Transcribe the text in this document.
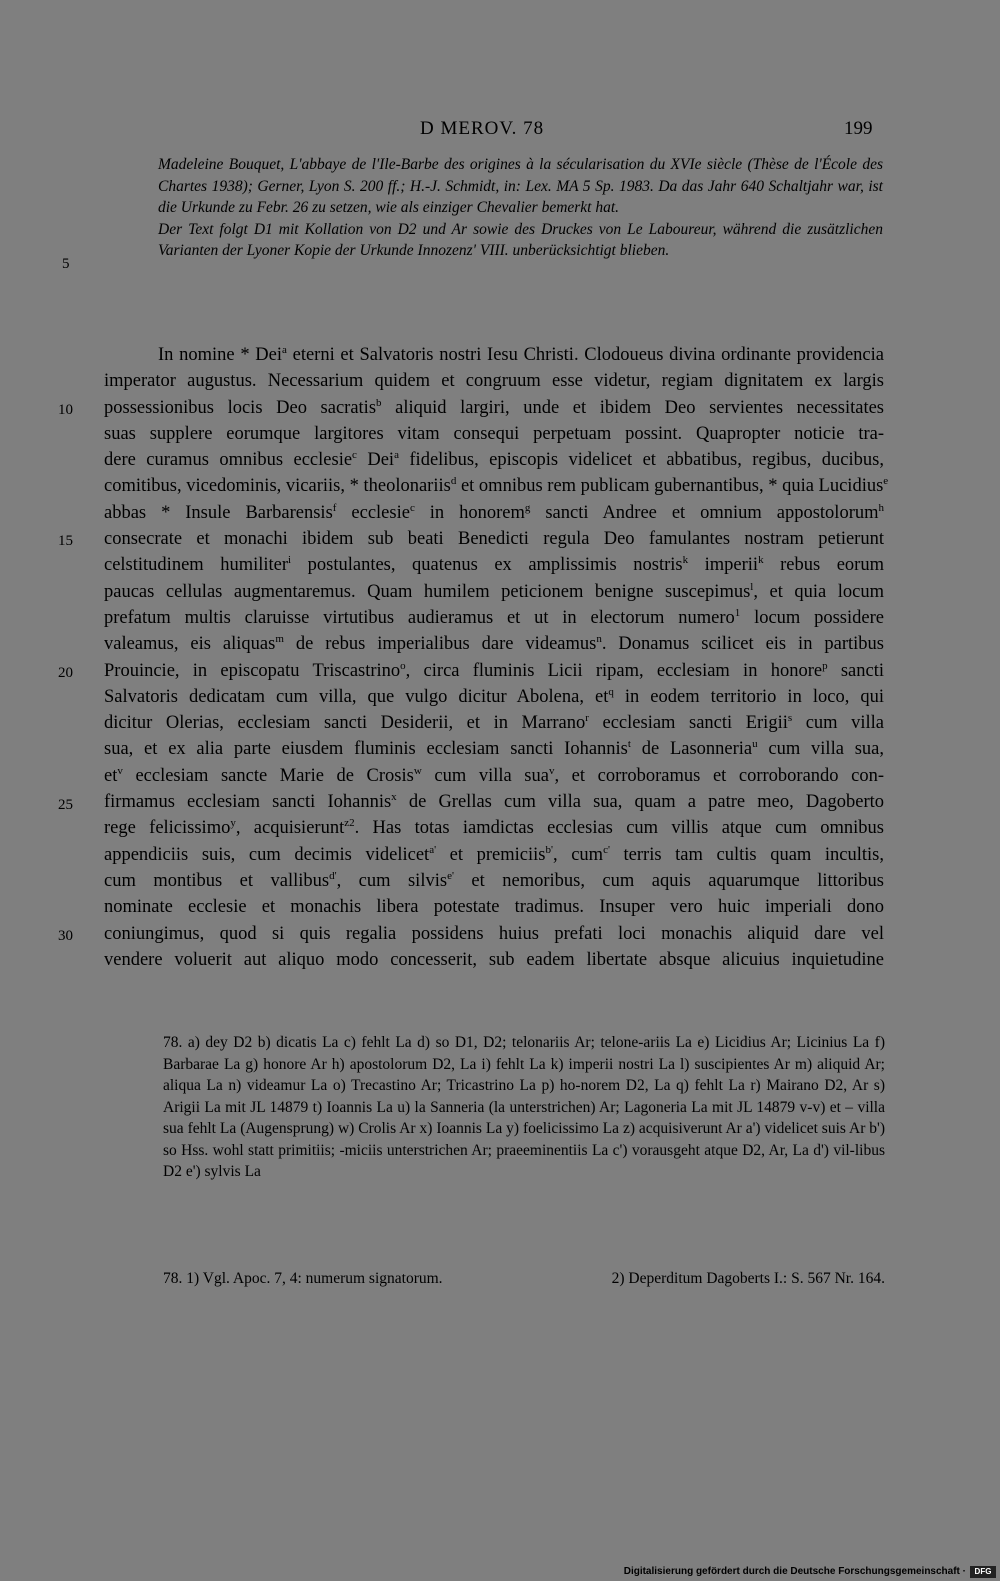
D MEROV. 78	199

Madeleine Bouquet, L'abbaye de l'Ile-Barbe des origines à la sécularisation du XVIe siècle (Thèse de l'École des Chartes 1938); Gerner, Lyon S. 200 ff.; H.-J. Schmidt, in: Lex. MA 5 Sp. 1983. Da das Jahr 640 Schaltjahr war, ist die Urkunde zu Febr. 26 zu setzen, wie als einziger Chevalier bemerkt hat.

Der Text folgt D1 mit Kollation von D2 und Ar sowie des Druckes von Le Laboureur, während die zusätzlichen Varianten der Lyoner Kopie der Urkunde Innozenz' VIII. unberücksichtigt blieben.

5
10
15
20
25
30
In nomine * Dei$^a$ eterni et Salvatoris nostri Iesu Christi. Clodoueus divina ordinante providencia
imperator augustus. Necessarium quidem et congruum esse videtur, regiam dignitatem ex largis
possessionibus locis Deo sacratis$^b$ aliquid largiri, unde et ibidem Deo servientes necessitates
suas supplere eorumque largitores vitam consequi perpetuam possint. Quapropter noticie tra-
dere curamus omnibus ecclesie$^c$ Dei$^a$ fidelibus, episcopis videlicet et abbatibus, regibus, ducibus,
comitibus, vicedominis, vicariis, * theolonariis$^d$ et omnibus rem publicam gubernantibus, * quia Lucidius$^e$
abbas * Insule Barbarensis$^f$ ecclesie$^c$ in honorem$^g$ sancti Andree et omnium appostolorum$^h$
consecrate et monachi ibidem sub beati Benedicti regula Deo famulantes nostram petierunt
celstitudinem humiliter$^i$ postulantes, quatenus ex amplissimis nostris$^k$ imperii$^k$ rebus eorum
paucas cellulas augmentaremus. Quam humilem peticionem benigne suscepimus$^l$, et quia locum
prefatum multis claruisse virtutibus audieramus et ut in electorum numero$^1$ locum possidere
valeamus, eis aliquas$^m$ de rebus imperialibus dare videamus$^n$. Donamus scilicet eis in partibus
Prouincie, in episcopatu Triscastrino$^o$, circa fluminis Licii ripam, ecclesiam in honore$^p$ sancti
Salvatoris dedicatam cum villa, que vulgo dicitur Abolena, $et^q$ in eodem territorio in loco, qui
dicitur Olerias, ecclesiam sancti Desiderii, et in Marrano$^r$ ecclesiam sancti Erigii$^s$ cum villa
sua, et ex alia parte eiusdem fluminis ecclesiam sancti Iohannis$^t$ de Lasonneria$^u$ cum villa sua,
$et^v$ ecclesiam sancte Marie de Crosis$^w$ cum villa sua$^v$, et corroboramus et corroborando con-
firmamus ecclesiam sancti Iohannis$^x$ de Grellas cum villa sua, quam a patre meo, Dagoberto
rege felicissimo$^y$, acquisierunt$^{z2}$. Has totas iamdictas ecclesias cum villis atque cum omnibus
appendiciis suis, cum decimis videlicet$^{a'}$ et premiciis$^{b'}$, cum$^{c'}$ terris tam cultis quam incultis,
cum montibus et vallibus$^{d'}$, cum silvis$^{e'}$ et nemoribus, cum aquis aquarumque littoribus
nominate ecclesie et monachis libera potestate tradimus. Insuper vero huic imperiali dono
coniungimus, quod si quis regalia possidens huius prefati loci monachis aliquid dare vel
vendere voluerit aut aliquo modo concesserit, sub eadem libertate absque alicuius inquietudine
78. a) dey D2 b) dicatis La c) fehlt La d) so D1, D2; telonariis Ar; telone-ariis La e) Licidius Ar; Licinius La f) Barbarae La g) honore Ar h) apostolorum D2, La i) fehlt La k) imperii nostri La l) suscipientes Ar m) aliquid Ar; aliqua La n) videamur La o) Trecastino Ar; Tricastrino La p) ho-norem D2, La q) fehlt La r) Mairano D2, Ar s) Arigii La mit JL 14879 t) Ioannis La u) la Sanneria (la unterstrichen) Ar; Lagoneria La mit JL 14879 v-v) et – villa sua fehlt La (Augensprung) w) Crolis Ar x) Ioannis La y) foelicissimo La z) acquisiverunt Ar a') videlicet suis Ar b') so Hss. wohl statt primitiis; -miciis unterstrichen Ar; praeeminentiis La c') vorausgeht atque D2, Ar, La d') vil-libus D2 e') sylvis La
78. 1) Vgl. Apoc. 7, 4: numerum signatorum.	2) Deperditum Dagoberts I.: S. 567 Nr. 164.
Digitalisierung gefördert durch die Deutsche Forschungsgemeinschaft ·	DFG
